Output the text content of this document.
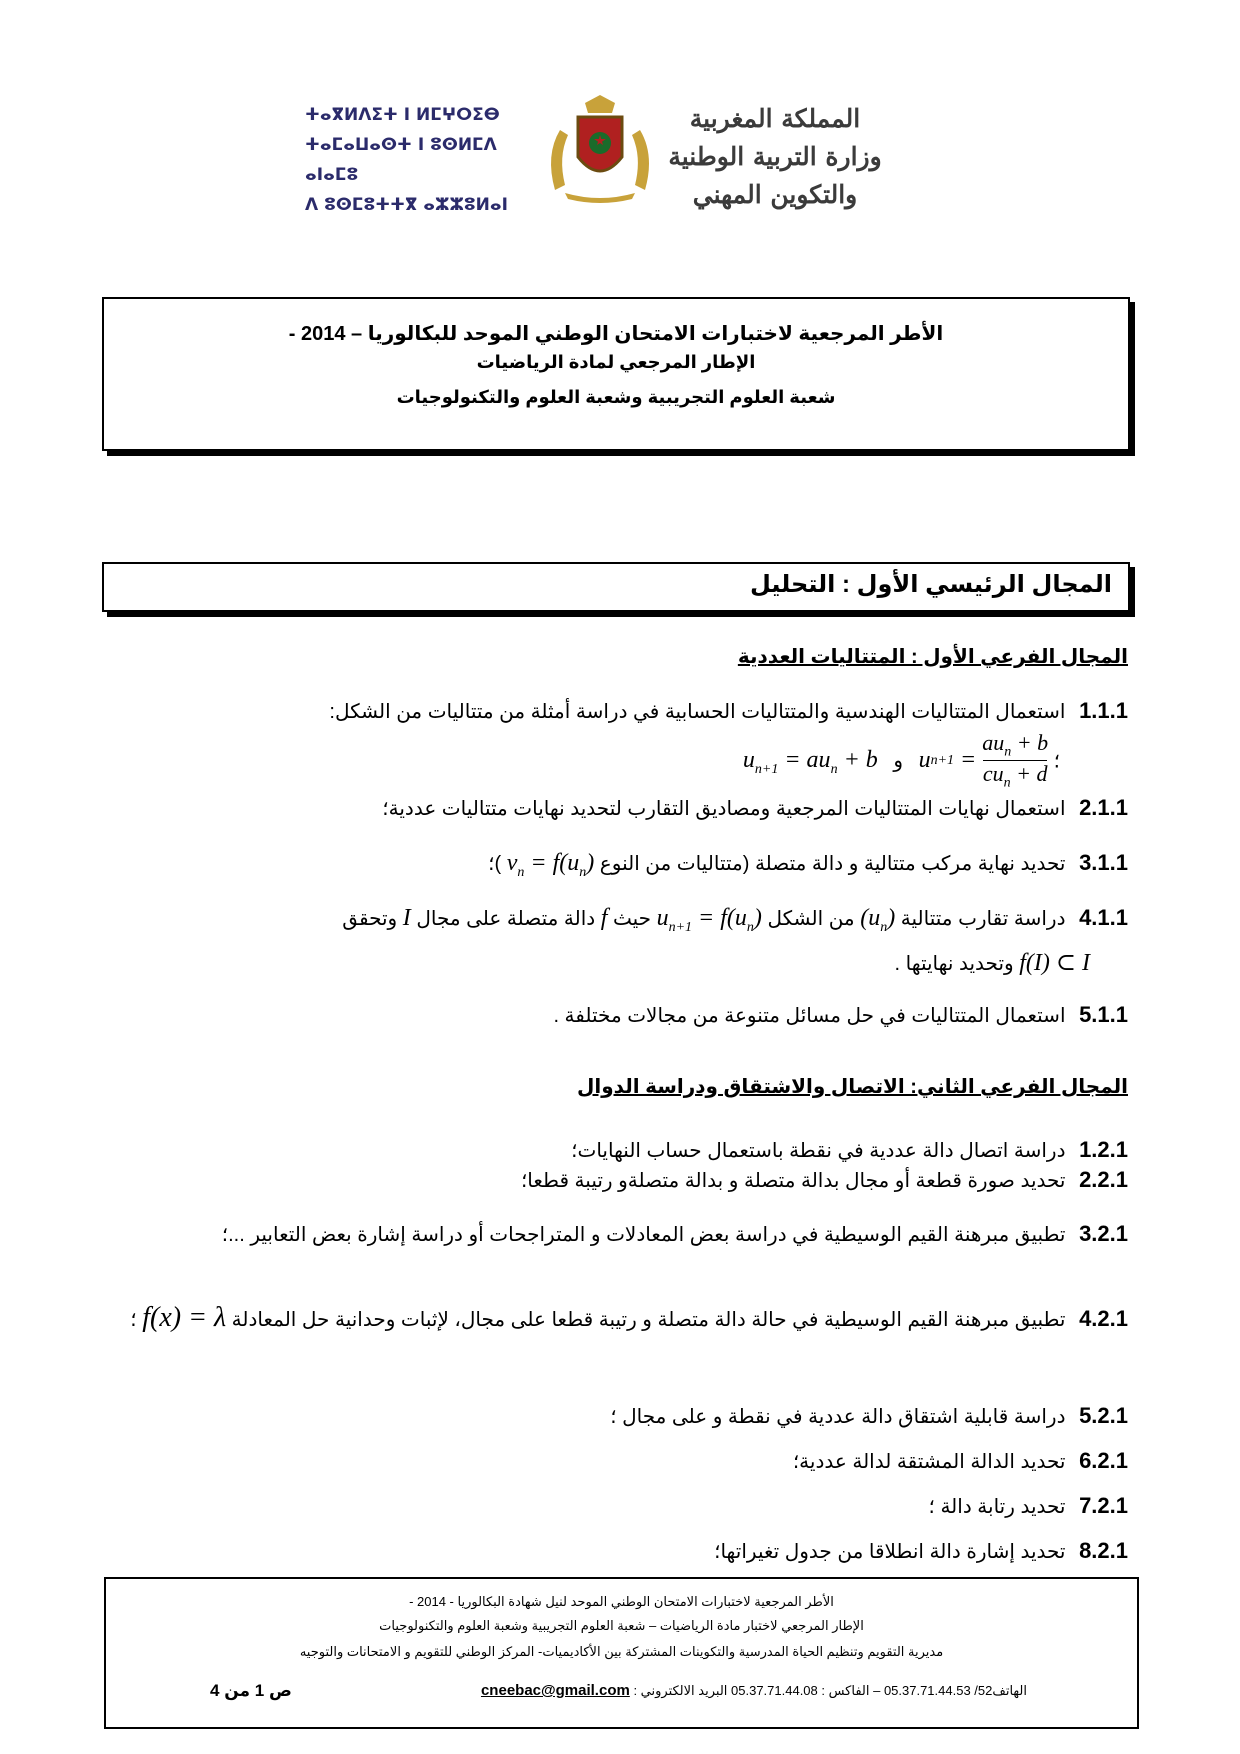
ⵜⴰⴳⵍⴷⵉⵜ ⵏ ⵍⵎⵖⵔⵉⴱ
ⵜⴰⵎⴰⵡⴰⵙⵜ ⵏ ⵓⵙⵍⵎⴷ ⴰⵏⴰⵎⵓ
ⴷ ⵓⵙⵎⵓⵜⵜⴳ ⴰⵣⵣⵓⵍⴰⵏ
المملكة المغربية
وزارة التربية الوطنية
والتكوين المهني
الأطر المرجعية لاختبارات الامتحان الوطني الموحد للبكالوريا – 2014 -
الإطار المرجعي لمادة الرياضيات
شعبة العلوم التجريبية وشعبة العلوم والتكنولوجيات
المجال الرئيسي الأول : التحليل
المجال الفرعي الأول : المتتاليات العددية
1.1.1 استعمال المتتاليات الهندسية والمتتاليات الحسابية في دراسة أمثلة من متتاليات من الشكل:
؛ u n+1 =
$au_n + b$
$cu_n + d$
و $u_{n+1} = au_n + b$
2.1.1 استعمال نهايات المتتاليات المرجعية ومصاديق التقارب لتحديد نهايات متتاليات عددية؛
3.1.1 تحديد نهاية مركب متتالية و دالة متصلة (متتاليات من النوع $v_n = f(u_n)$ )؛
4.1.1 دراسة تقارب متتالية $(u_n)$ من الشكل $u_{n+1} = f(u_n)$ حيث f دالة متصلة على مجال I وتحقق
f(I) ⊂ I وتحديد نهايتها .
5.1.1 استعمال المتتاليات في حل مسائل متنوعة من مجالات مختلفة .
المجال الفرعي الثاني: الاتصال والاشتقاق ودراسة الدوال
1.2.1 دراسة اتصال دالة عددية في نقطة باستعمال حساب النهايات؛
2.2.1 تحديد صورة قطعة أو مجال بدالة متصلة و بدالة متصلةو رتيبة قطعا؛
3.2.1 تطبيق مبرهنة القيم الوسيطية في دراسة بعض المعادلات و المتراجحات أو دراسة إشارة بعض التعابير ...؛
4.2.1 تطبيق مبرهنة القيم الوسيطية في حالة دالة متصلة و رتيبة قطعا على مجال، لإثبات وحدانية حل المعادلة f(x) = λ ؛
5.2.1 دراسة قابلية اشتقاق دالة عددية في نقطة و على مجال ؛
6.2.1 تحديد الدالة المشتقة لدالة عددية؛
7.2.1 تحديد رتابة دالة ؛
8.2.1 تحديد إشارة دالة انطلاقا من جدول تغيراتها؛
الأطر المرجعية لاختبارات الامتحان الوطني الموحد لنيل شهادة البكالوريا - 2014 -
الإطار المرجعي لاختبار مادة الرياضيات – شعبة العلوم التجريبية وشعبة العلوم والتكنولوجيات
مديرية التقويم وتنظيم الحياة المدرسية والتكوينات المشتركة بين الأكاديميات- المركز الوطني للتقويم و الامتحانات والتوجيه
الهاتف52/ 05.37.71.44.53 – الفاكس : 05.37.71.44.08 البريد الالكتروني : cneebac@gmail.com
ص 1 من 4
